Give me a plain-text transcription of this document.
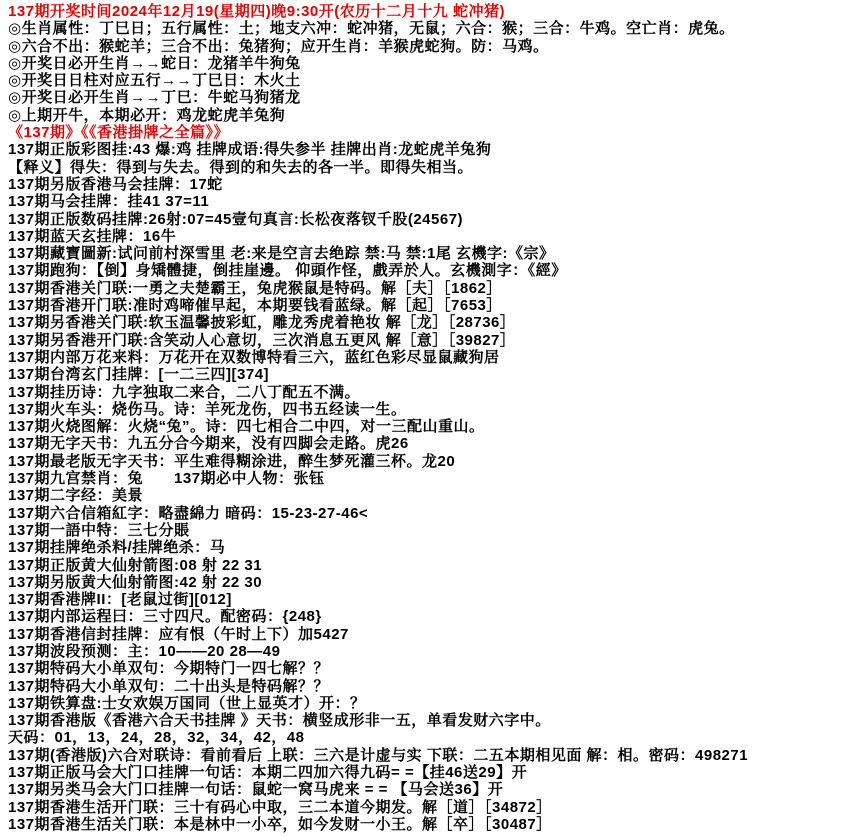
137期开奖时间2024年12月19(星期四)晚9:30开(农历十二月十九 蛇冲猪)
◎生肖属性：丁巳日；五行属性：土；地支六冲：蛇冲猪，无鼠；六合：猴；三合：牛鸡。空亡肖：虎兔。
◎六合不出：猴蛇羊；三合不出：兔猪狗；应开生肖：羊猴虎蛇狗。防：马鸡。
◎开奖日必开生肖→→蛇日：龙猪羊牛狗兔
◎开奖日日柱对应五行→→丁巳日：木火土
◎开奖日必开生肖→→丁巳：牛蛇马狗猪龙
◎上期开牛，本期必开：鸡龙蛇虎羊兔狗
《137期》《《香港掛牌之全篇》》
137期正版彩图挂:43 爆:鸡 挂牌成语:得失参半 挂牌出肖:龙蛇虎羊兔狗
【释义】得失：得到与失去。得到的和失去的各一半。即得失相当。
137期另版香港马会挂牌：17蛇
137期马会挂牌：挂41 37=11
137期正版数码挂牌:26射:07=45壹句真言:长松夜落钗千股(24567)
137期蓝天玄挂牌：16牛
137期藏寶圖新:试问前村深雪里 老:来是空言去绝踪 禁:马 禁:1尾 玄機字:《宗》
137期跑狗：【倒】身矯體捷，倒挂崖邊。 仰頭作怪，戲弄於人。玄機測字：《經》
137期香港关门联:一勇之夫楚霸王，兔虎猴鼠是特码。解［夫］［1862］
137期香港开门联:准时鸡啼催早起，本期要钱看蓝绿。解［起］［7653］
137期另香港关门联:软玉温馨披彩虹，雕龙秀虎着艳妆 解［龙］［28736］
137期另香港开门联:含笑动人心意切，三次消息五更风 解［意］［39827］
137期内部万花来料：万花开在双数博特看三六，蓝红色彩尽显鼠藏狗居
137期台湾玄门挂牌：[一二三四][374]
137期挂历诗：九字独取二来合，二八丁配五不满。
137期火车头：烧伤马。诗：羊死龙伤，四书五经读一生。
137期火烧图解：火烧“兔”。诗：四七相合二中四，对一三配山重山。
137期无字天书：九五分合今期来，没有四脚会走路。虎26
137期最老版无字天书：平生难得糊涂进，醉生梦死灌三杯。龙20
137期九宫禁肖：兔　　137期必中人物：张钰
137期二字经：美景
137期六合信箱紅字：略盡綿力 暗码：15-23-27-46<
137期一語中特：三七分賬
137期挂牌绝杀料/挂牌绝杀：马
137期正版黄大仙射箭图:08 射 22 31
137期另版黄大仙射箭图:42 射 22 30
137期香港牌II：[老鼠过街][012]
137期内部运程曰：三寸四尺。配密码：{248}
137期香港信封挂牌：应有恨（午时上下）加5427
137期波段预测：主：10——20 28—49
137期特码大小单双句：今期特门一四七解？？
137期特码大小单双句：二十出头是特码解？？
137期铁算盘:士女欢娱万国同（世上显英才）开：？
137期香港版《香港六合天书挂牌 》天书：横竖成形非一五，单看发财六字中。
天码：01，13，24，28，32，34，42，48
137期(香港版)六合对联诗：看前看后 上联：三六是计虚与实 下联：二五本期相见面 解：相。密码：498271
137期正版马会大门口挂牌一句话：本期二四加六得九码= =【挂46送29】开
137期另类马会大门口挂牌一句话：鼠蛇一窝马虎来 = = 【马会送36】开
137期香港生活开门联：三十有码心中取，三二本道今期发。解［道］［34872］
137期香港生活关门联：本是林中一小卒，如今发财一小王。解［卒］［30487］
